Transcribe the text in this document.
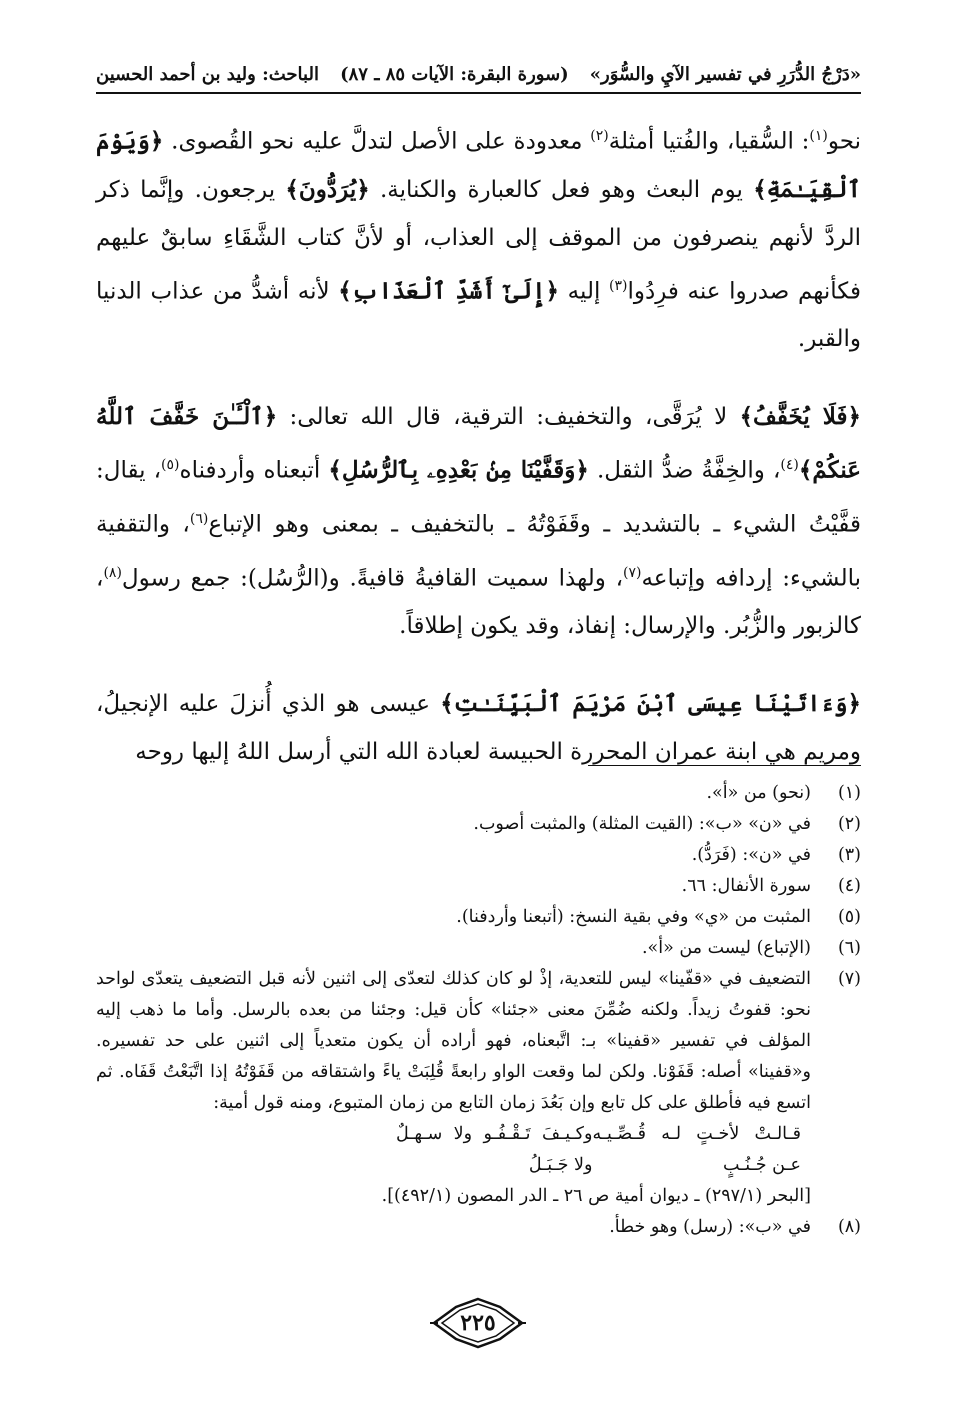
«دَرْجُ الدُّرَرِ في تفسير الآيِ والسُّوَر»
(سورة البقرة: الآيات ٨٥ ـ ٨٧)
الباحث: وليد بن أحمد الحسين

نحو$^{(١)}$: السُّقيا، والفُتيا أمثلة$^{(٢)}$ معدودة على الأصل لتدلَّ عليه نحو القُصوى. ﴿وَيَوْمَ ٱلْقِيَـٰمَةِ﴾ يوم البعث وهو فعل كالعبارة والكناية. ﴿يُرَدُّونَ﴾ يرجعون. وإنَّما ذكر الردَّ لأنهم ينصرفون من الموقف إلى العذاب، أو لأنَّ كتاب الشَّقَاءِ سابقٌ عليهم فكأنهم صدروا عنه فرِدُوا$^{(٣)}$ إليه ﴿إِلَىٰٓ أَشَدِّ ٱلْعَذَابِ﴾ لأنه أشدُّ من عذاب الدنيا والقبر.

﴿فَلَا يُخَفَّفُ﴾ لا يُرَقَّى، والتخفيف: الترقية، قال الله تعالى: ﴿ٱلْـَٔـٰنَ خَفَّفَ ٱللَّهُ عَنكُمْ﴾$^{(٤)}$، والخِفَّةُ ضدُّ الثقل. ﴿وَقَفَّيْنَا مِنۢ بَعْدِهِۦ بِٱلرُّسُلِ﴾ أتبعناه وأردفناه$^{(٥)}$، يقال: قفَّيْتُ الشيء ـ بالتشديد ـ وقَفَوْتُهُ ـ بالتخفيف ـ بمعنى وهو الإتباع$^{(٦)}$، والتقفية بالشيء: إردافه وإتباعه$^{(٧)}$، ولهذا سميت القافيةُ قافيةً. و(الرُّسُل): جمع رسول$^{(٨)}$، كالزبور والزُّبُر. والإرسال: إنفاذ، وقد يكون إطلاقاً.

﴿وَءَاتَيْنَا عِيسَى ٱبْنَ مَرْيَمَ ٱلْبَيِّنَـٰتِ﴾ عيسى هو الذي أُنزلَ عليه الإنجيلُ، ومريم هي ابنة عمران المحررة الحبيسة لعبادة الله التي أرسل اللهُ إليها روحه

(١)
(نحو) من «أ».
(٢)
في «ن» «ب»: (القيت المثلة) والمثبت أصوب.
(٣)
في «ن»: (فَرَدُّ).
(٤)
سورة الأنفال: ٦٦.
(٥)
المثبت من «ي» وفي بقية النسخ: (أتبعنا وأردفنا).
(٦)
(الإتباع) ليست من «أ».
(٧)
التضعيف في «قفّينا» ليس للتعدية، إذْ لو كان كذلك لتعدّى إلى اثنين لأنه قبل التضعيف يتعدّى لواحد نحو: قفوتُ زيداً. ولكنه ضُمِّنَ معنى «جئنا» كأن قيل: وجئنا من بعده بالرسل. وأما ما ذهب إليه المؤلف في تفسير «قفينا» بـ: اتَّبعناه، فهو أراده أن يكون متعدياً إلى اثنين على حد تفسيره. و«قفينا» أصله: قَفَوْنا. ولكن لما وقعت الواو رابعةً قُلِبَتْ ياءً واشتقاقه من قَفَوْتُهُ إذا اتَّبَعْتُ قَفَاه. ثم اتسع فيه فأطلق على كل تابع وإن بَعُدَ زمان التابع من زمان المتبوع، ومنه قول أمية:
قـالـتْ لأخـتٍ لـه قُـصِّـيـه عـن جُـنُـبٍ
وكـيـفَ تَـقْـفُـو ولا سـهـلٌ ولا جَـبَـلُ
[البحر (٢٩٧/١) ـ ديوان أمية ص ٢٦ ـ الدر المصون (٤٩٢/١)].
(٨)
في «ب»: (رسل) وهو خطأ.
٢٢٥
